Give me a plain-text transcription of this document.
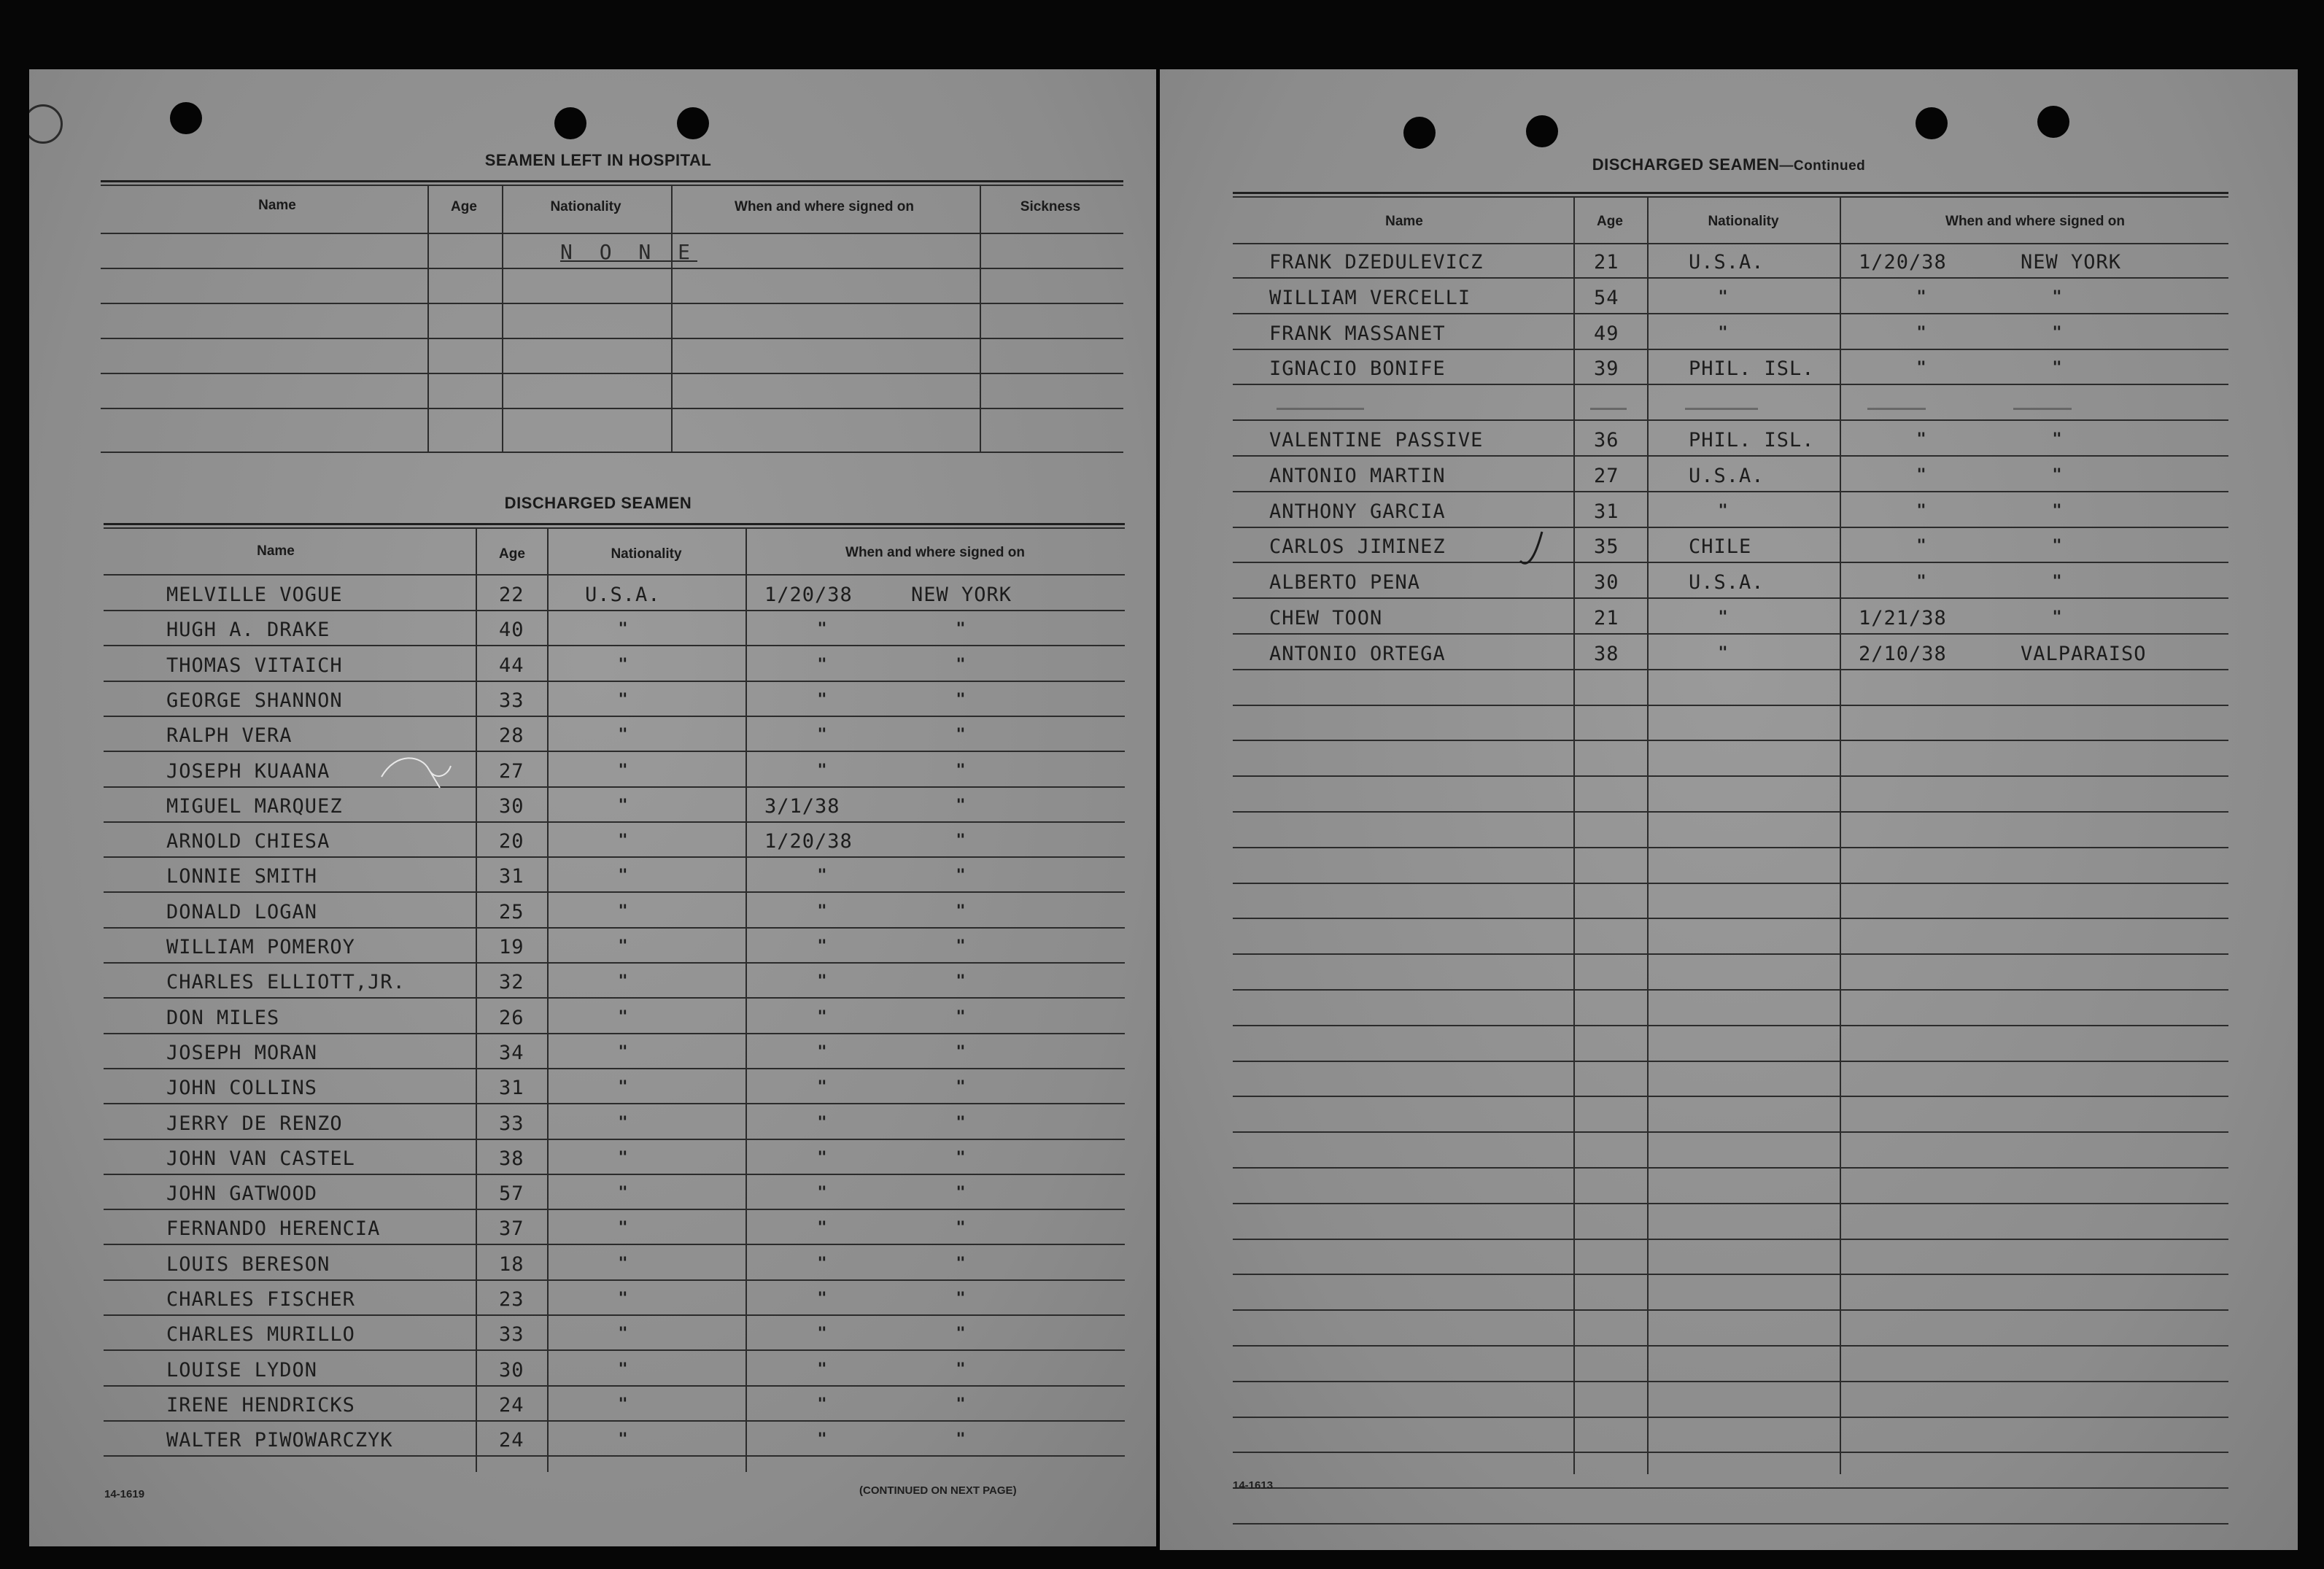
SEAMEN LEFT IN HOSPITAL
Name	Age	Nationality	When and where signed on	Sickness
N O N E
DISCHARGED SEAMEN
Name	Age	Nationality	When and where signed on
MELVILLE VOGUE	22	U.S.A.	1/20/38	NEW YORK
HUGH A. DRAKE	40	"	"	"
THOMAS VITAICH	44	"	"	"
GEORGE SHANNON	33	"	"	"
RALPH VERA	28	"	"	"
JOSEPH KUAANA	27	"	"	"
MIGUEL MARQUEZ	30	"	3/1/38	"
ARNOLD CHIESA	20	"	1/20/38	"
LONNIE SMITH	31	"	"	"
DONALD LOGAN	25	"	"	"
WILLIAM POMEROY	19	"	"	"
CHARLES ELLIOTT,JR.	32	"	"	"
DON MILES	26	"	"	"
JOSEPH MORAN	34	"	"	"
JOHN COLLINS	31	"	"	"
JERRY DE RENZO	33	"	"	"
JOHN VAN CASTEL	38	"	"	"
JOHN GATWOOD	57	"	"	"
FERNANDO HERENCIA	37	"	"	"
LOUIS BERESON	18	"	"	"
CHARLES FISCHER	23	"	"	"
CHARLES MURILLO	33	"	"	"
LOUISE LYDON	30	"	"	"
IRENE HENDRICKS	24	"	"	"
WALTER PIWOWARCZYK	24	"	"	"
14-1619	(CONTINUED ON NEXT PAGE)
DISCHARGED SEAMEN—Continued
Name	Age	Nationality	When and where signed on
FRANK DZEDULEVICZ	21	U.S.A.	1/20/38	NEW YORK
WILLIAM VERCELLI	54	"	"	"
FRANK MASSANET	49	"	"	"
IGNACIO BONIFE	39	PHIL. ISL.	"	"
VALENTINE PASSIVE	36	PHIL. ISL.	"	"
ANTONIO MARTIN	27	U.S.A.	"	"
ANTHONY GARCIA	31	"	"	"
CARLOS JIMINEZ	35	CHILE	"	"
ALBERTO PENA	30	U.S.A.	"	"
CHEW TOON	21	"	1/21/38	"
ANTONIO ORTEGA	38	"	2/10/38	VALPARAISO
14-1613
